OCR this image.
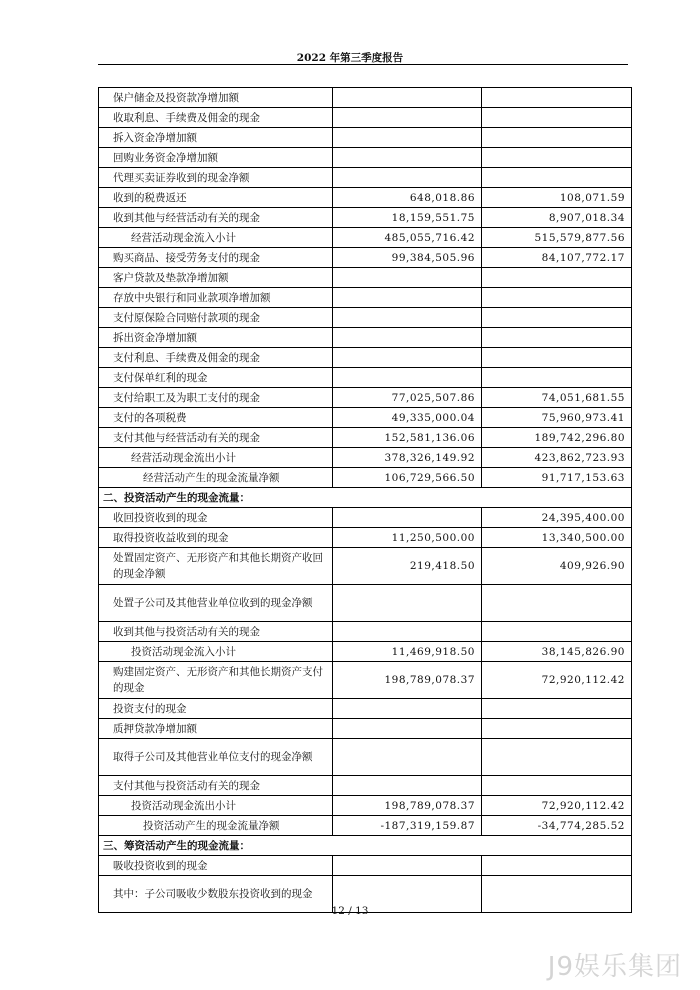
2022 年第三季度报告
保户储金及投资款净增加额		
收取利息、手续费及佣金的现金		
拆入资金净增加额		
回购业务资金净增加额		
代理买卖证券收到的现金净额		
收到的税费返还	648,018.86	108,071.59
收到其他与经营活动有关的现金	18,159,551.75	8,907,018.34
经营活动现金流入小计	485,055,716.42	515,579,877.56
购买商品、接受劳务支付的现金	99,384,505.96	84,107,772.17
客户贷款及垫款净增加额		
存放中央银行和同业款项净增加额		
支付原保险合同赔付款项的现金		
拆出资金净增加额		
支付利息、手续费及佣金的现金		
支付保单红利的现金		
支付给职工及为职工支付的现金	77,025,507.86	74,051,681.55
支付的各项税费	49,335,000.04	75,960,973.41
支付其他与经营活动有关的现金	152,581,136.06	189,742,296.80
经营活动现金流出小计	378,326,149.92	423,862,723.93
经营活动产生的现金流量净额	106,729,566.50	91,717,153.63
二、投资活动产生的现金流量：		
收回投资收到的现金		24,395,400.00
取得投资收益收到的现金	11,250,500.00	13,340,500.00
处置固定资产、无形资产和其他长期资产收回的现金净额	219,418.50	409,926.90
处置子公司及其他营业单位收到的现金净额		
收到其他与投资活动有关的现金		
投资活动现金流入小计	11,469,918.50	38,145,826.90
购建固定资产、无形资产和其他长期资产支付的现金	198,789,078.37	72,920,112.42
投资支付的现金		
质押贷款净增加额		
取得子公司及其他营业单位支付的现金净额		
支付其他与投资活动有关的现金		
投资活动现金流出小计	198,789,078.37	72,920,112.42
投资活动产生的现金流量净额	-187,319,159.87	-34,774,285.52
三、筹资活动产生的现金流量：		
吸收投资收到的现金		
其中：子公司吸收少数股东投资收到的现金		
12 / 13
J9娱乐集团
